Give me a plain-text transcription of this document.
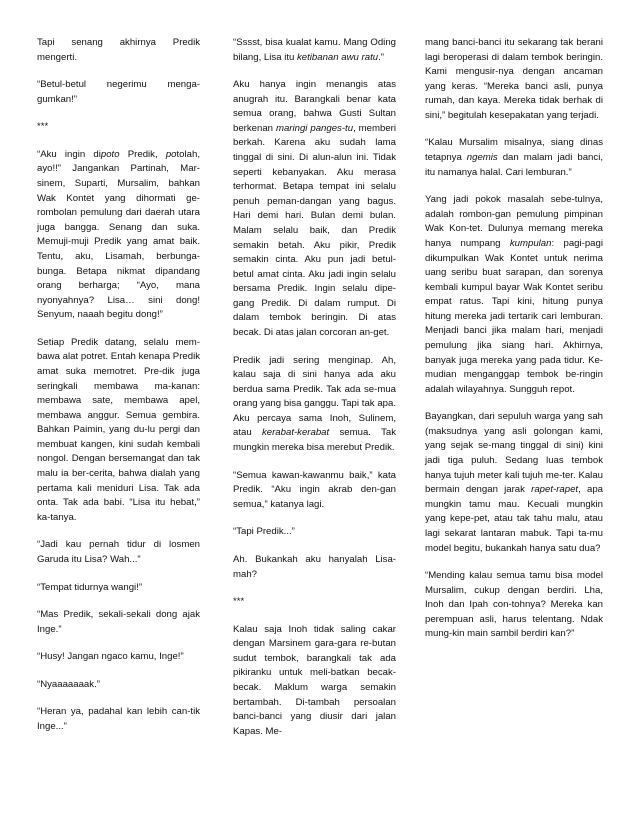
Tapi senang akhirnya Predik mengerti.

“Betul-betul negerimu menga-gumkan!”

***

“Aku ingin dipoto Predik, potolah, ayo!!” Jangankan Partinah, Mar-sinem, Suparti, Mursalim, bahkan Wak Kontet yang dihormati ge-rombolan pemulung dari daerah utara juga bangga. Senang dan suka. Memuji-muji Predik yang amat baik. Tentu, aku, Lisamah, berbunga-bunga. Betapa nikmat dipandang orang berharga; “Ayo, mana nyonyahnya? Lisa… sini dong! Senyum, naaah begitu dong!”

Setiap Predik datang, selalu mem-bawa alat potret. Entah kenapa Predik amat suka memotret. Pre-dik juga seringkali membawa ma-kanan: membawa sate, membawa apel, membawa anggur. Semua gembira. Bahkan Paimin, yang du-lu pergi dan membuat kangen, kini sudah kembali nongol. Dengan bersemangat dan tak malu ia ber-cerita, bahwa dialah yang pertama kali meniduri Lisa. Tak ada onta. Tak ada babi. “Lisa itu hebat,” ka-tanya.

“Jadi kau pernah tidur di losmen Garuda itu Lisa? Wah...”

“Tempat tidurnya wangi!”

“Mas Predik, sekali-sekali dong ajak Inge.”

“Husy! Jangan ngaco kamu, Inge!”

“Nyaaaaaaak.”

“Heran ya, padahal kan lebih can-tik Inge...”

“Sssst, bisa kualat kamu. Mang Oding bilang, Lisa itu ketibanan awu ratu.”

Aku hanya ingin menangis atas anugrah itu. Barangkali benar kata semua orang, bahwa Gusti Sultan berkenan maringi panges-tu, memberi berkah. Karena aku sudah lama tinggal di sini. Di alun-alun ini. Tidak seperti kebanyakan. Aku merasa terhormat. Betapa tempat ini selalu penuh peman-dangan yang bagus. Hari demi hari. Bulan demi bulan. Malam selalu baik, dan Predik semakin betah. Aku pikir, Predik semakin cinta. Aku pun jadi betul-betul amat cinta. Aku jadi ingin selalu bersama Predik. Ingin selalu dipe-gang Predik. Di dalam rumput. Di dalam tembok beringin. Di atas becak. Di atas jalan corcoran an-get.

Predik jadi sering menginap. Ah, kalau saja di sini hanya ada aku berdua sama Predik. Tak ada se-mua orang yang bisa ganggu. Tapi tak apa. Aku percaya sama Inoh, Sulinem, atau kerabat-kerabat semua. Tak mungkin mereka bisa merebut Predik.

“Semua kawan-kawanmu baik,” kata Predik. “Aku ingin akrab den-gan semua,” katanya lagi.

“Tapi Predik...”

Ah. Bukankah aku hanyalah Lisa-mah?

***

Kalau saja Inoh tidak saling cakar dengan Marsinem gara-gara re-butan sudut tembok, barangkali tak ada pikiranku untuk meli-batkan becak-becak. Maklum warga semakin bertambah. Di-tambah persoalan banci-banci yang diusir dari jalan Kapas. Me-

mang banci-banci itu sekarang tak berani lagi beroperasi di dalam tembok beringin. Kami mengusir-nya dengan ancaman yang keras. “Mereka banci asli, punya rumah, dan kaya. Mereka tidak berhak di sini,” begitulah kesepakatan yang terjadi.

“Kalau Mursalim misalnya, siang dinas tetapnya ngemis dan malam jadi banci, itu namanya halal. Cari lemburan.”

Yang jadi pokok masalah sebe-tulnya, adalah rombon-gan pemulung pimpinan Wak Kon-tet. Dulunya memang mereka hanya numpang kumpulan: pagi-pagi dikumpulkan Wak Kontet untuk nerima uang seribu buat sarapan, dan sorenya kembali kumpul bayar Wak Kontet seribu empat ratus. Tapi kini, hitung punya hitung mereka jadi tertarik cari lemburan. Menjadi banci jika malam hari, menjadi pemulung jika siang hari. Akhirnya, banyak juga mereka yang pada tidur. Ke-mudian menganggap tembok be-ringin adalah wilayahnya. Sungguh repot.

Bayangkan, dari sepuluh warga yang sah (maksudnya yang asli golongan kami, yang sejak se-mang tinggal di sini) kini jadi tiga puluh. Sedang luas tembok hanya tujuh meter kali tujuh me-ter. Kalau bermain dengan jarak rapet-rapet, apa mungkin tamu mau. Kecuali mungkin yang kepe-pet, atau tak tahu malu, atau lagi sekarat lantaran mabuk. Tapi ta-mu model begitu, bukankah hanya satu dua?

“Mending kalau semua tamu bisa model Mursalim, cukup dengan berdiri. Lha, Inoh dan Ipah con-tohnya? Mereka kan perempuan asli, harus telentang. Ndak mung-kin main sambil berdiri kan?”
